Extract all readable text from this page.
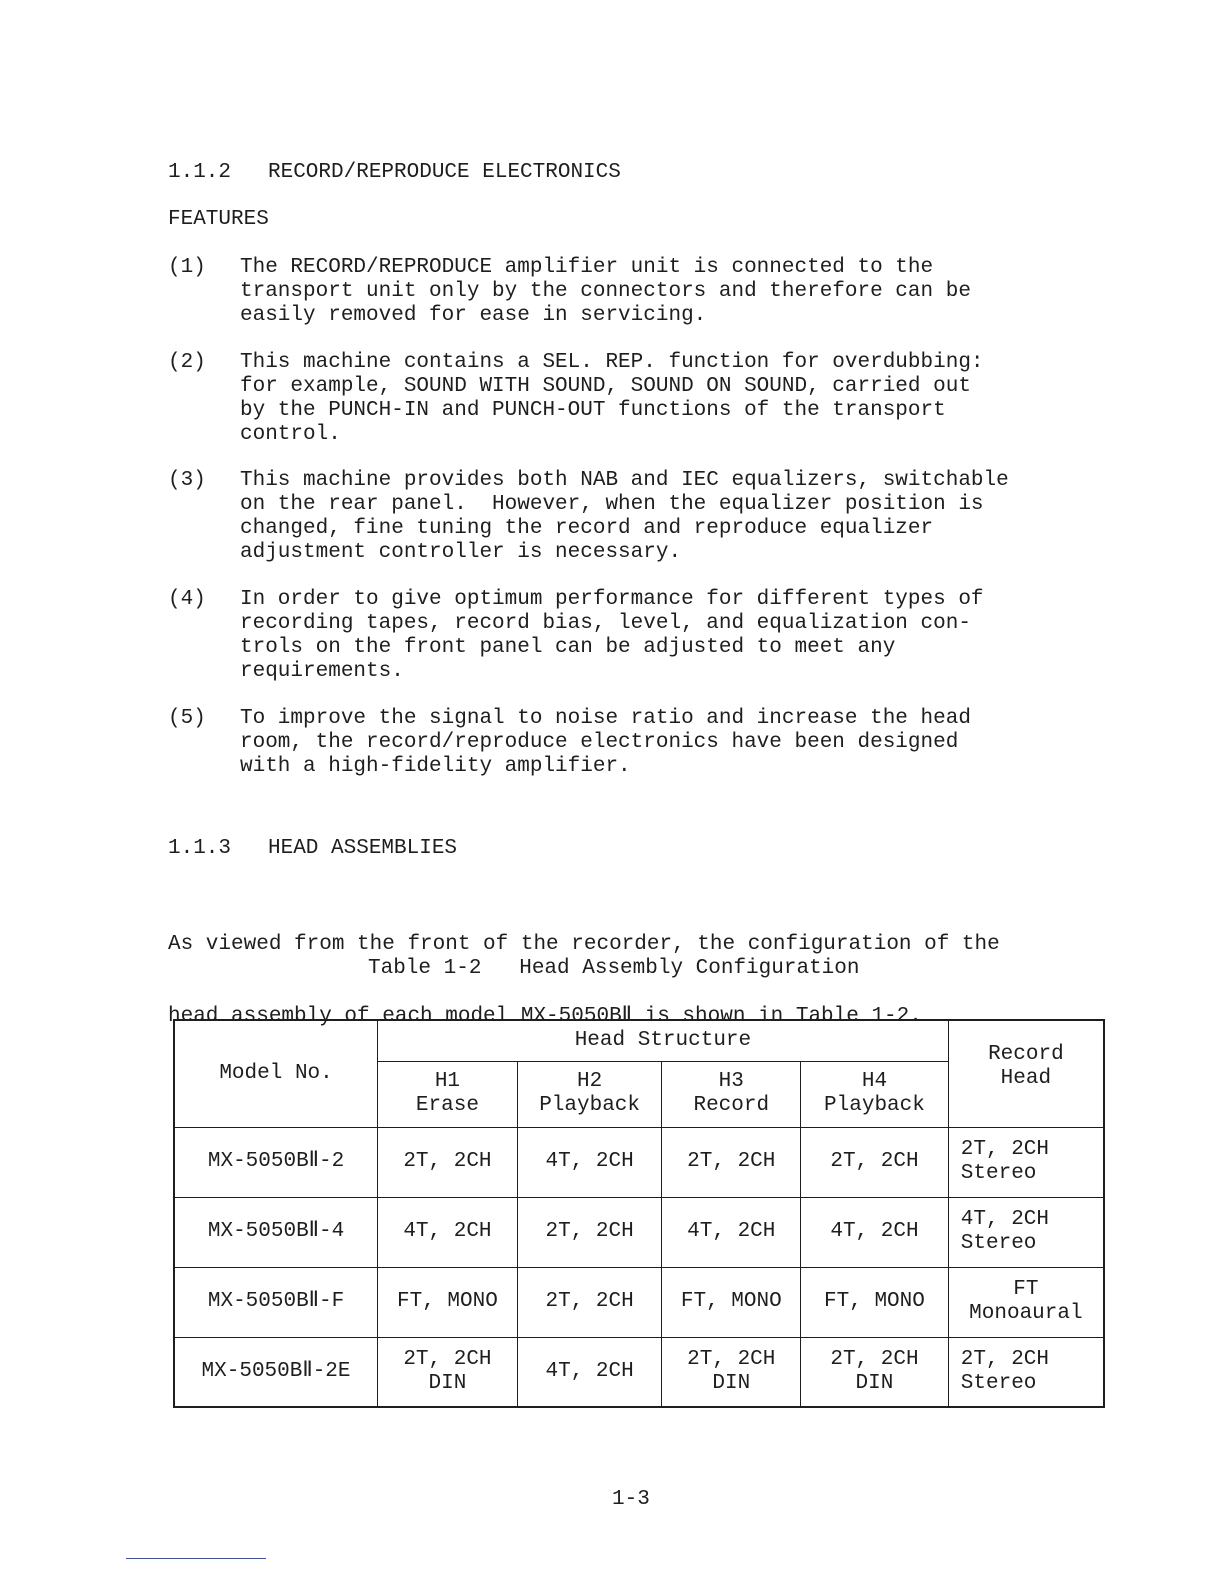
1.1.2 RECORD/REPRODUCE ELECTRONICS
FEATURES
(1) The RECORD/REPRODUCE amplifier unit is connected to the
transport unit only by the connectors and therefore can be
easily removed for ease in servicing.
(2) This machine contains a SEL. REP. function for overdubbing:
for example, SOUND WITH SOUND, SOUND ON SOUND, carried out
by the PUNCH-IN and PUNCH-OUT functions of the transport
control.
(3) This machine provides both NAB and IEC equalizers, switchable
on the rear panel.  However, when the equalizer position is
changed, fine tuning the record and reproduce equalizer
adjustment controller is necessary.
(4) In order to give optimum performance for different types of
recording tapes, record bias, level, and equalization con-
trols on the front panel can be adjusted to meet any
requirements.
(5) To improve the signal to noise ratio and increase the head
room, the record/reproduce electronics have been designed
with a high-fidelity amplifier.
1.1.3 HEAD ASSEMBLIES

As viewed from the front of the recorder, the configuration of the

head assembly of each model MX-5050BⅡ is shown in Table 1-2.

Table 1-2   Head Assembly Configuration
Model No.	Head Structure				Record
Head

	H1
Erase	H2
Playback	H3
Record	H4
Playback	

MX-5050BⅡ-2	2T, 2CH	4T, 2CH	2T, 2CH	2T, 2CH	2T, 2CH
Stereo

MX-5050BⅡ-4	4T, 2CH	2T, 2CH	4T, 2CH	4T, 2CH	4T, 2CH
Stereo

MX-5050BⅡ-F	FT, MONO	2T, 2CH	FT, MONO	FT, MONO	FT
Monoaural

MX-5050BⅡ-2E	2T, 2CH
DIN	4T, 2CH	2T, 2CH
DIN	2T, 2CH
DIN	2T, 2CH
Stereo
1-3
